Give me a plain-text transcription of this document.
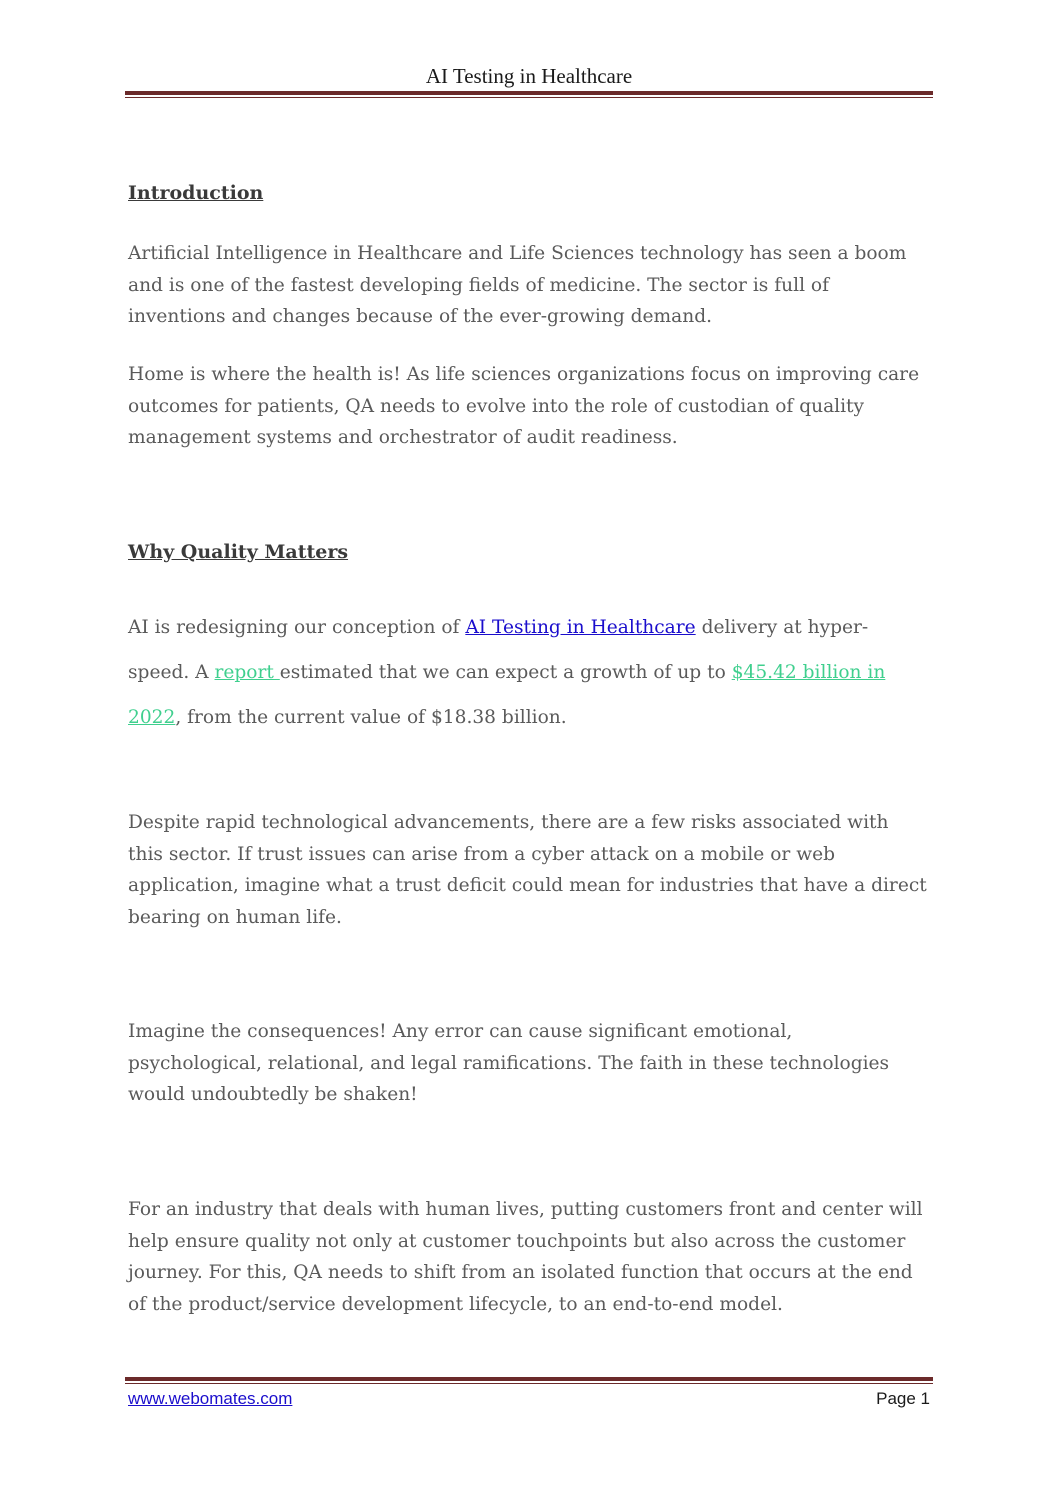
AI Testing in Healthcare
Introduction

Artificial Intelligence in Healthcare and Life Sciences technology has seen a boom and is one of the fastest developing fields of medicine. The sector is full of inventions and changes because of the ever-growing demand.

Home is where the health is! As life sciences organizations focus on improving care outcomes for patients, QA needs to evolve into the role of custodian of quality management systems and orchestrator of audit readiness.

Why Quality Matters

AI is redesigning our conception of AI Testing in Healthcare delivery at hyper-speed. A report estimated that we can expect a growth of up to $45.42 billion in 2022, from the current value of $18.38 billion.

Despite rapid technological advancements, there are a few risks associated with this sector. If trust issues can arise from a cyber attack on a mobile or web application, imagine what a trust deficit could mean for industries that have a direct bearing on human life.

Imagine the consequences! Any error can cause significant emotional, psychological, relational, and legal ramifications. The faith in these technologies would undoubtedly be shaken!

For an industry that deals with human lives, putting customers front and center will help ensure quality not only at customer touchpoints but also across the customer journey. For this, QA needs to shift from an isolated function that occurs at the end of the product/service development lifecycle, to an end-to-end model.

www.webomates.com	Page 1
